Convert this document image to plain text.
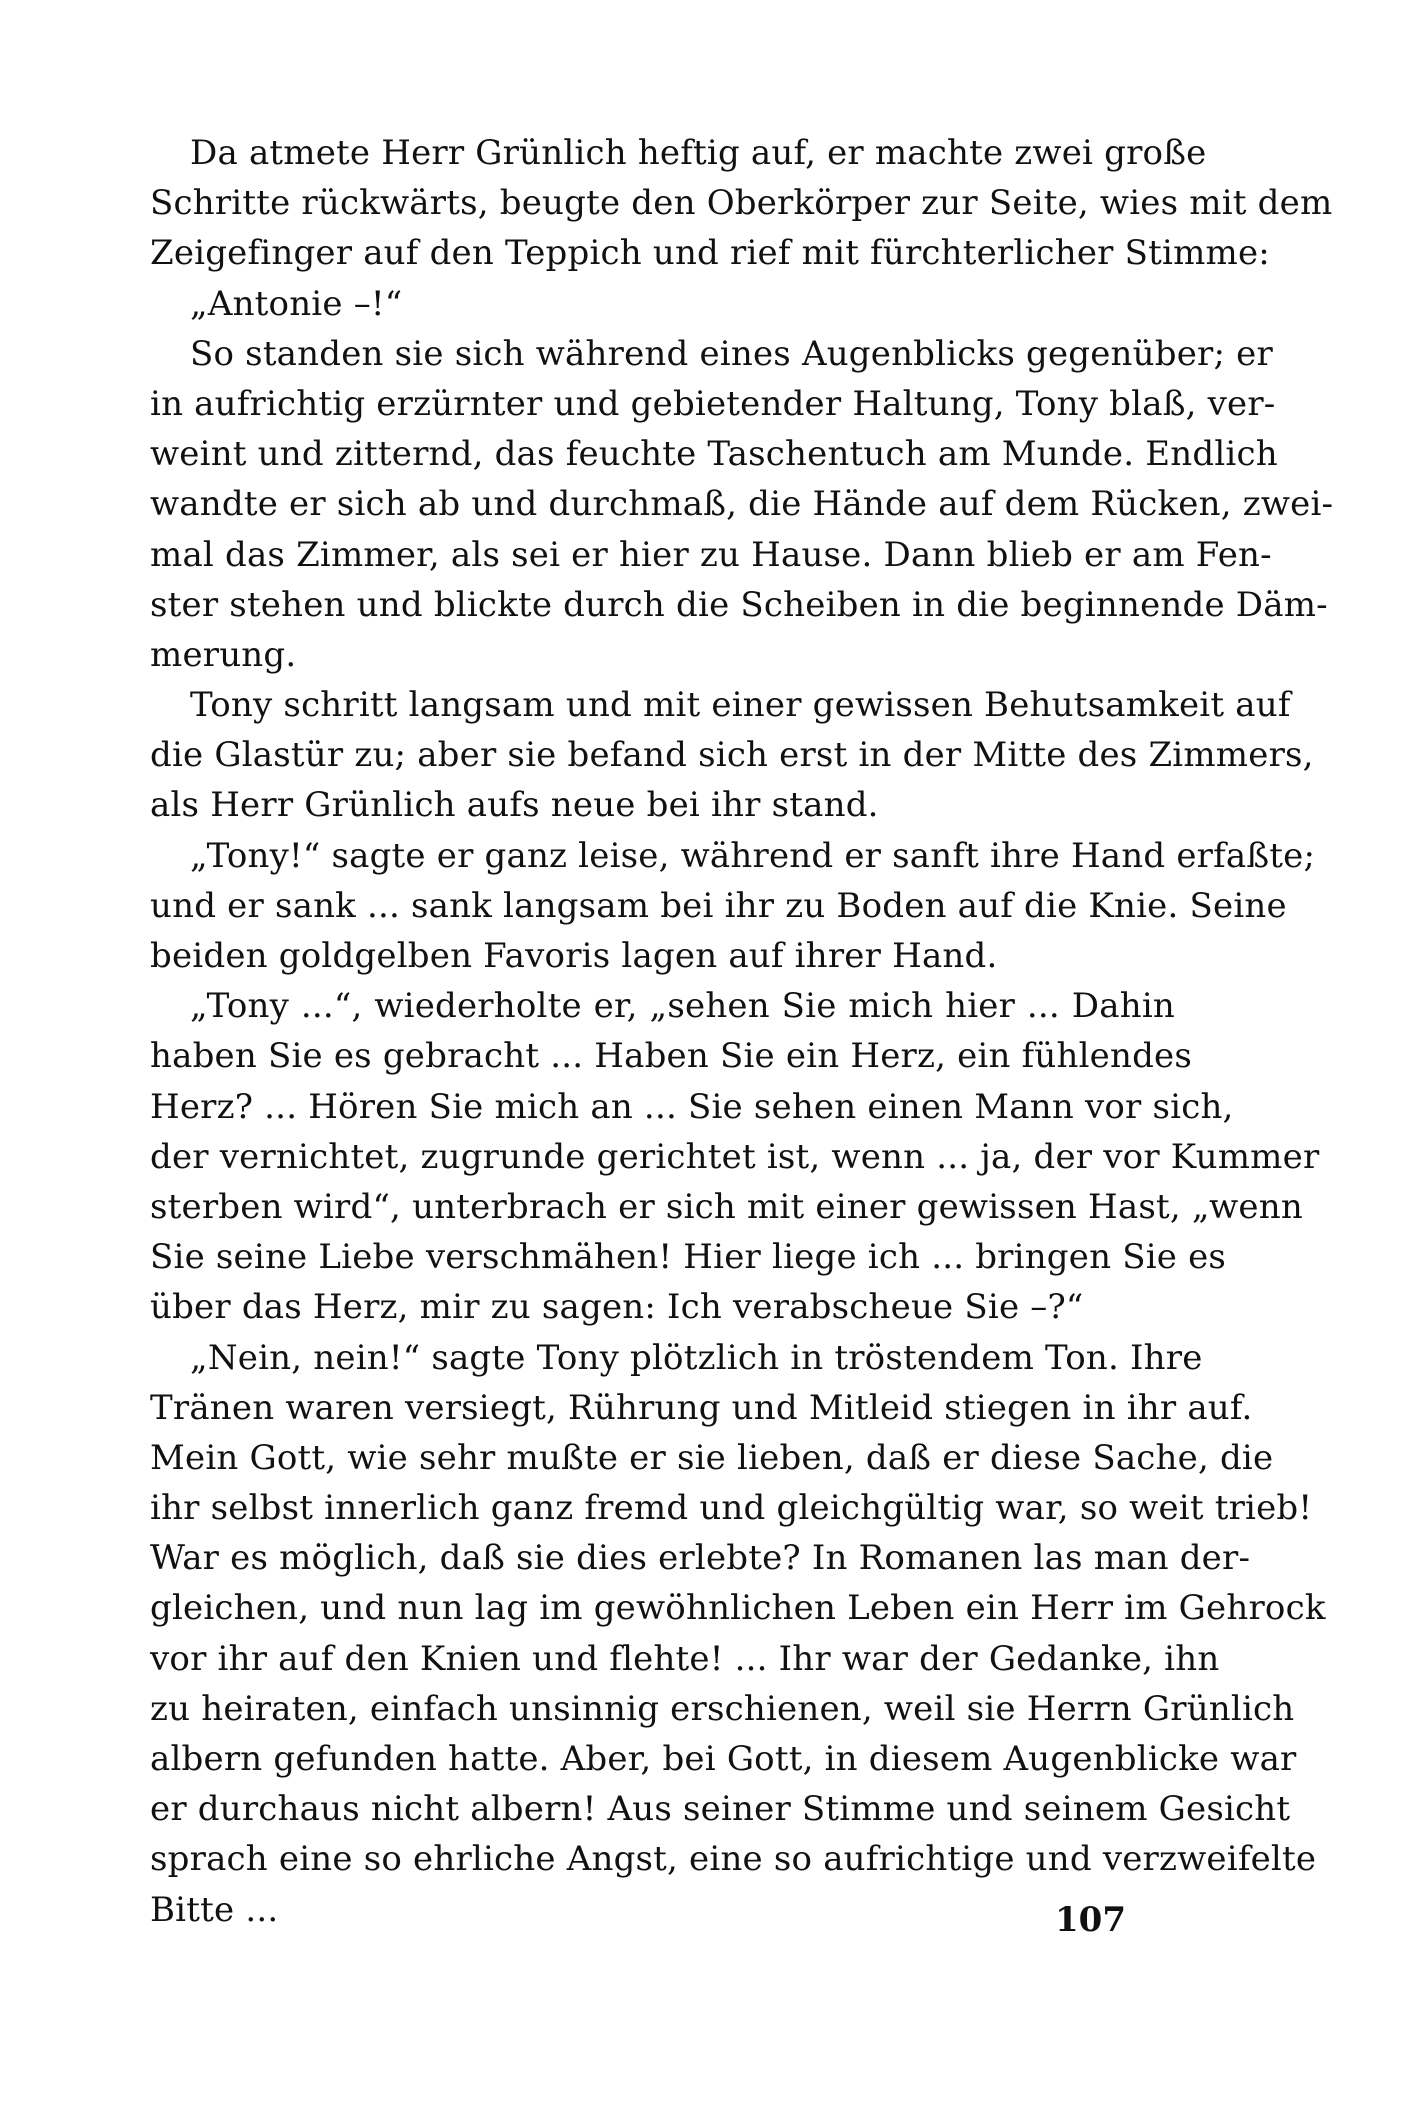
Da atmete Herr Grünlich heftig auf, er machte zwei große
Schritte rückwärts, beugte den Oberkörper zur Seite, wies mit dem
Zeigefinger auf den Teppich und rief mit fürchterlicher Stimme:
„Antonie –!“
So standen sie sich während eines Augenblicks gegenüber; er
in aufrichtig erzürnter und gebietender Haltung, Tony blaß, ver-
weint und zitternd, das feuchte Taschentuch am Munde. Endlich
wandte er sich ab und durchmaß, die Hände auf dem Rücken, zwei-
mal das Zimmer, als sei er hier zu Hause. Dann blieb er am Fen-
ster stehen und blickte durch die Scheiben in die beginnende Däm-
merung.
Tony schritt langsam und mit einer gewissen Behutsamkeit auf
die Glastür zu; aber sie befand sich erst in der Mitte des Zimmers,
als Herr Grünlich aufs neue bei ihr stand.
„Tony!“ sagte er ganz leise, während er sanft ihre Hand erfaßte;
und er sank ... sank langsam bei ihr zu Boden auf die Knie. Seine
beiden goldgelben Favoris lagen auf ihrer Hand.
„Tony ...“, wiederholte er, „sehen Sie mich hier ... Dahin
haben Sie es gebracht ... Haben Sie ein Herz, ein fühlendes
Herz? ... Hören Sie mich an ... Sie sehen einen Mann vor sich,
der vernichtet, zugrunde gerichtet ist, wenn ... ja, der vor Kummer
sterben wird“, unterbrach er sich mit einer gewissen Hast, „wenn
Sie seine Liebe verschmähen! Hier liege ich ... bringen Sie es
über das Herz, mir zu sagen: Ich verabscheue Sie –?“
„Nein, nein!“ sagte Tony plötzlich in tröstendem Ton. Ihre
Tränen waren versiegt, Rührung und Mitleid stiegen in ihr auf.
Mein Gott, wie sehr mußte er sie lieben, daß er diese Sache, die
ihr selbst innerlich ganz fremd und gleichgültig war, so weit trieb!
War es möglich, daß sie dies erlebte? In Romanen las man der-
gleichen, und nun lag im gewöhnlichen Leben ein Herr im Gehrock
vor ihr auf den Knien und flehte! ... Ihr war der Gedanke, ihn
zu heiraten, einfach unsinnig erschienen, weil sie Herrn Grünlich
albern gefunden hatte. Aber, bei Gott, in diesem Augenblicke war
er durchaus nicht albern! Aus seiner Stimme und seinem Gesicht
sprach eine so ehrliche Angst, eine so aufrichtige und verzweifelte
Bitte ...	107
